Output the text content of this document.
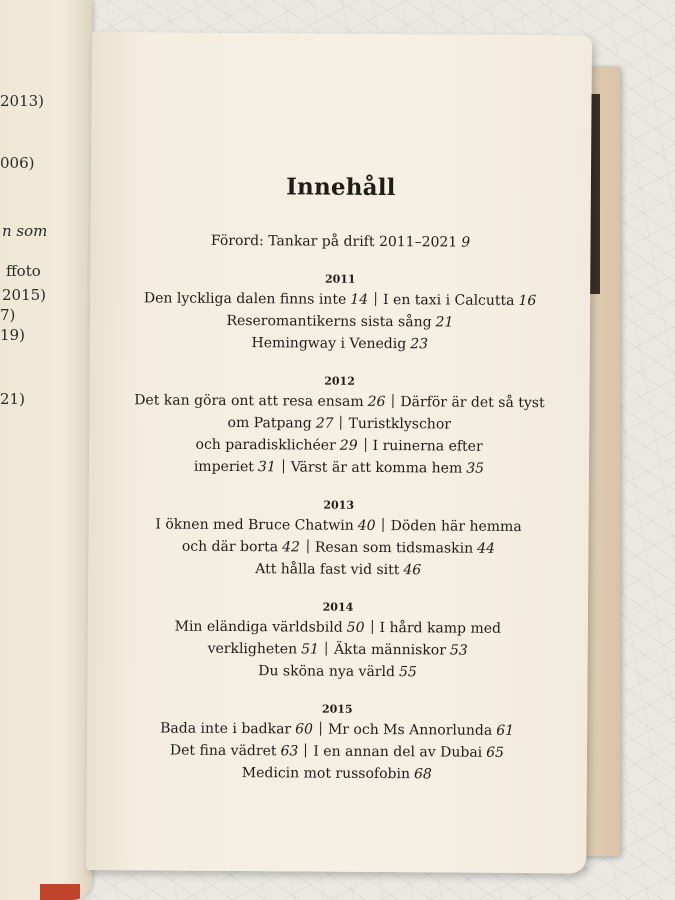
2013)
006)
n som
ffoto
2015)
7)
19)
21)
Innehåll
Förord: Tankar på drift 2011–2021 9
2011
Den lyckliga dalen finns inte 14 I en taxi i Calcutta 16
Reseromantikerns sista sång 21
Hemingway i Venedig 23
2012
Det kan göra ont att resa ensam 26 Därför är det så tyst
om Patpang 27 Turistklyschor
och paradisklichéer 29 I ruinerna efter
imperiet 31 Värst är att komma hem 35
2013
I öknen med Bruce Chatwin 40 Döden här hemma
och där borta 42 Resan som tidsmaskin 44
Att hålla fast vid sitt 46
2014
Min eländiga världsbild 50 I hård kamp med
verkligheten 51 Äkta människor 53
Du sköna nya värld 55
2015
Bada inte i badkar 60 Mr och Ms Annorlunda 61
Det fina vädret 63 I en annan del av Dubai 65
Medicin mot russofobin 68
